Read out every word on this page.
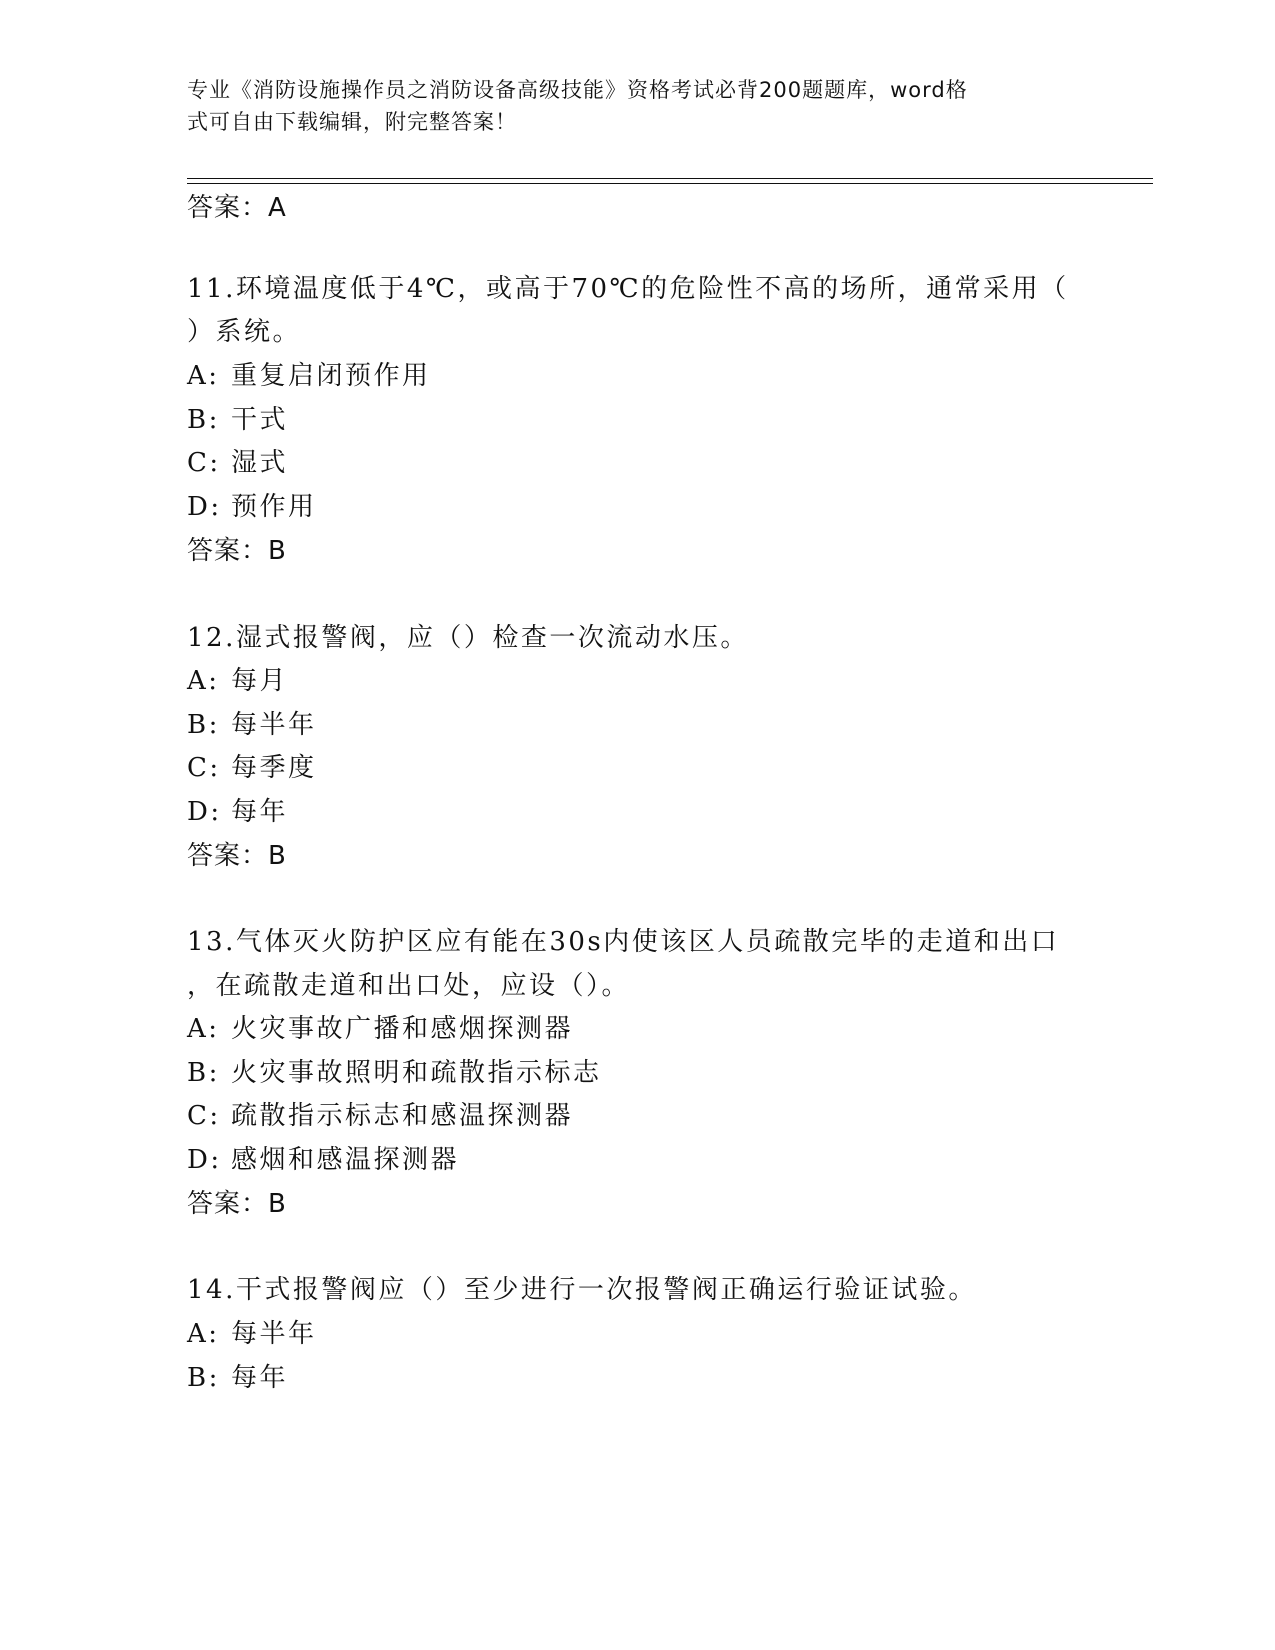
专业《消防设施操作员之消防设备高级技能》资格考试必背200题题库，word格
式可自由下载编辑，附完整答案！
答案：A
11.环境温度低于4℃，或高于70℃的危险性不高的场所，通常采用（
）系统。
A: 重复启闭预作用
B: 干式
C: 湿式
D: 预作用
答案：B
12.湿式报警阀，应（）检查一次流动水压。
A: 每月
B: 每半年
C: 每季度
D: 每年
答案：B
13.气体灭火防护区应有能在30s内使该区人员疏散完毕的走道和出口
，在疏散走道和出口处，应设（）。
A: 火灾事故广播和感烟探测器
B: 火灾事故照明和疏散指示标志
C: 疏散指示标志和感温探测器
D: 感烟和感温探测器
答案：B
14.干式报警阀应（）至少进行一次报警阀正确运行验证试验。
A: 每半年
B: 每年
